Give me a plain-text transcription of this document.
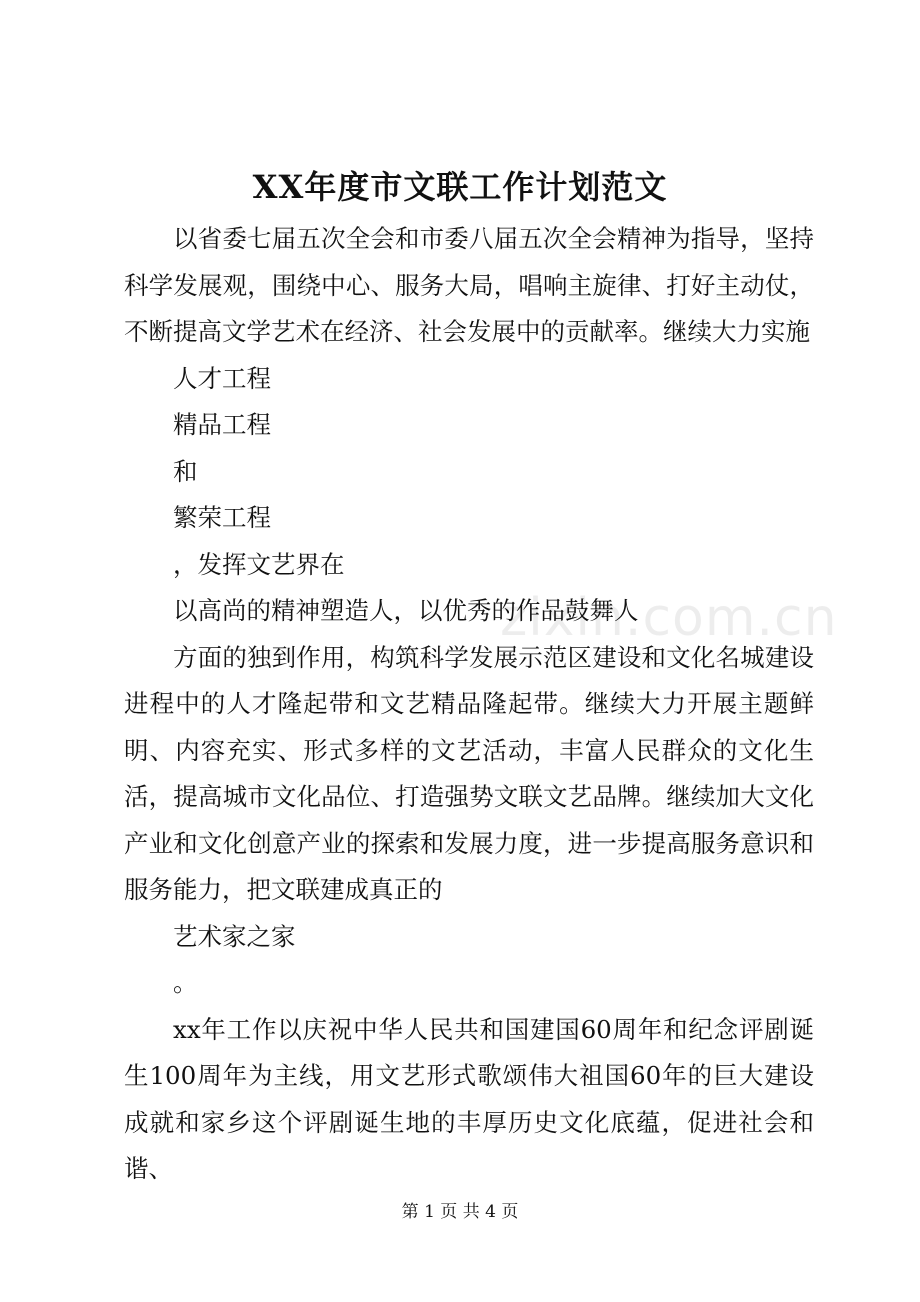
XX年度市文联工作计划范文

以省委七届五次全会和市委八届五次全会精神为指导，坚持科学发展观，围绕中心、服务大局，唱响主旋律、打好主动仗，不断提高文学艺术在经济、社会发展中的贡献率。继续大力实施

人才工程

精品工程

和

繁荣工程

，发挥文艺界在

以高尚的精神塑造人，以优秀的作品鼓舞人

方面的独到作用，构筑科学发展示范区建设和文化名城建设进程中的人才隆起带和文艺精品隆起带。继续大力开展主题鲜明、内容充实、形式多样的文艺活动，丰富人民群众的文化生活，提高城市文化品位、打造强势文联文艺品牌。继续加大文化产业和文化创意产业的探索和发展力度，进一步提高服务意识和服务能力，把文联建成真正的

艺术家之家

。

xx年工作以庆祝中华人民共和国建国60周年和纪念评剧诞生100周年为主线，用文艺形式歌颂伟大祖国60年的巨大建设成就和家乡这个评剧诞生地的丰厚历史文化底蕴，促进社会和谐、

zixin.com.cn
第 1 页 共 4 页
